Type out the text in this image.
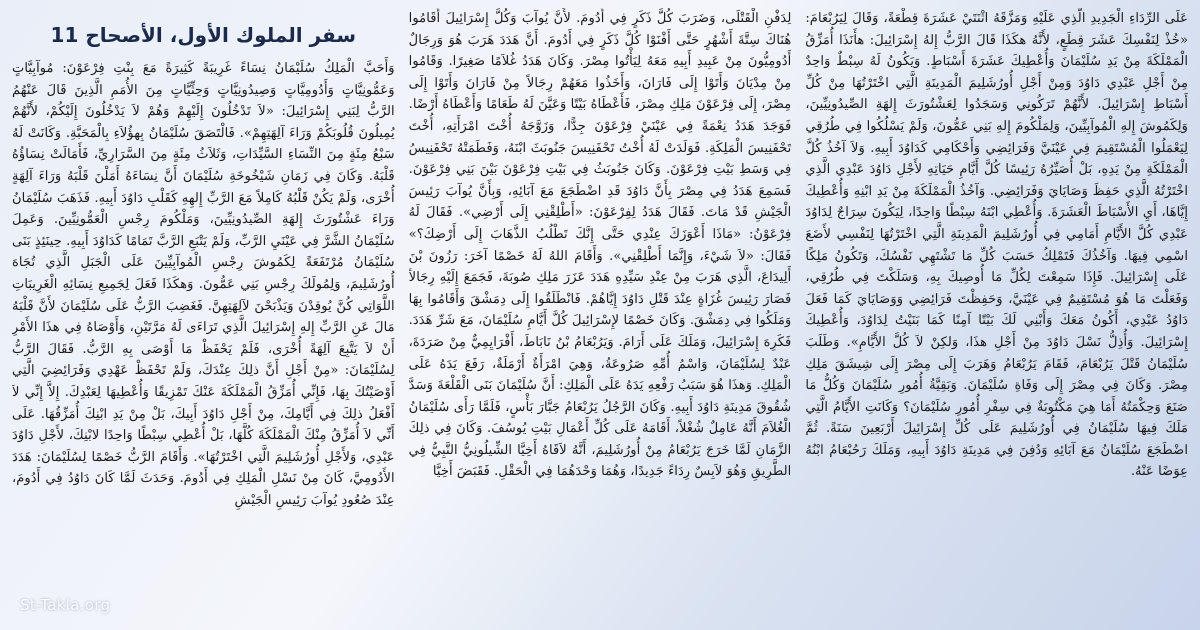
سفر الملوك الأول، الأصحاح 11
وَأَحَبَّ الْمَلِكُ سُلَيْمَانُ نِسَاءً غَرِيبَةً كَثِيرَةً مَعَ بِنْتِ فِرْعَوْنَ: مُوآبِيَّاتٍ وَعَمُّونِيَّاتٍ وَأَدُومِيَّاتٍ وَصِيدُونِيَّاتٍ وَحِثِّيَّاتٍ مِنَ الأُمَمِ الَّذِينَ قَالَ عَنْهُمُ الرَّبُّ لِبَنِي إِسْرَائِيلَ: «لاَ تَدْخُلُونَ إِلَيْهِمْ وَهُمْ لاَ يَدْخُلُونَ إِلَيْكُمْ، لأَنَّهُمْ يُمِيلُونَ قُلُوبَكُمْ وَرَاءَ آلِهَتِهِمْ». فَالْتَصَقَ سُلَيْمَانُ بِهؤُلاَءِ بِالْمَحَبَّةِ. وَكَانَتْ لَهُ سَبْعُ مِئَةٍ مِنَ النِّسَاءِ السَّيِّدَاتِ، وَثَلاَثُ مِئَةٍ مِنَ السَّرَارِيِّ، فَأَمَالَتْ نِسَاؤُهُ قَلْبَهُ. وَكَانَ فِي زَمَانِ شَيْخُوخَةِ سُلَيْمَانَ أَنَّ نِسَاءَهُ أَمَلْنَ قَلْبَهُ وَرَاءَ آلِهَةٍ أُخْرَى، وَلَمْ يَكُنْ قَلْبُهُ كَامِلاً مَعَ الرَّبِّ إِلهِهِ كَقَلْبِ دَاوُدَ أَبِيهِ. فَذَهَبَ سُلَيْمَانُ وَرَاءَ عَشْتُورَثَ إِلهَةِ الصِّيدُونِيِّينَ، وَمَلْكُومَ رِجْسِ الْعَمُّونِيِّينَ. وَعَمِلَ سُلَيْمَانُ الشَّرَّ فِي عَيْنَيِ الرَّبِّ، وَلَمْ يَتْبَعِ الرَّبَّ تَمَامًا كَدَاوُدَ أَبِيهِ. حِينَئِذٍ بَنَى سُلَيْمَانُ مُرْتَفَعَةً لِكَمُوشَ رِجْسِ الْمُوآبِيِّينَ عَلَى الْجَبَلِ الَّذِي تُجَاهَ أُورُشَلِيمَ، وَلِمُولَكَ رِجْسِ بَنِي عَمُّونَ. وَهكَذَا فَعَلَ لِجَمِيعِ نِسَائِهِ الْغَرِيبَاتِ اللَّوَاتِي كُنَّ يُوقِدْنَ وَيَذْبَحْنَ لآلِهَتِهِنَّ. فَغَضِبَ الرَّبُّ عَلَى سُلَيْمَانَ لأَنَّ قَلْبَهُ مَالَ عَنِ الرَّبِّ إِلهِ إِسْرَائِيلَ الَّذِي تَرَاءَى لَهُ مَرَّتَيْنِ، وَأَوْصَاهُ فِي هذَا الأَمْرِ أَنْ لاَ يَتَّبِعَ آلِهَةً أُخْرَى، فَلَمْ يَحْفَظْ مَا أَوْصَى بِهِ الرَّبُّ. فَقَالَ الرَّبُّ لِسُلَيْمَانَ: «مِنْ أَجْلِ أَنَّ ذلِكَ عِنْدَكَ، وَلَمْ تَحْفَظْ عَهْدِي وَفَرَائِضِيَ الَّتِي أَوْصَيْتُكَ بِهَا، فَإِنِّي أُمَزِّقُ الْمَمْلَكَةَ عَنْكَ تَمْزِيقًا وَأُعْطِيهَا لِعَبْدِكَ. إِلاَّ إِنِّي لاَ أَفْعَلُ ذلِكَ فِي أَيَّامِكَ، مِنْ أَجْلِ دَاوُدَ أَبِيكَ، بَلْ مِنْ يَدِ ابْنِكَ أُمَزِّقُهَا. عَلَى أَنِّي لاَ أُمَزِّقُ مِنْكَ الْمَمْلَكَةَ كُلَّهَا، بَلْ أُعْطِي سِبْطًا وَاحِدًا لابْنِكَ، لأَجْلِ دَاوُدَ عَبْدِي، وَلأَجْلِ أُورُشَلِيمَ الَّتِي اخْتَرْتُهَا». وَأَقَامَ الرَّبُّ خَصْمًا لِسُلَيْمَانَ: هَدَدَ الأَدُومِيَّ، كَانَ مِنْ نَسْلِ الْمَلِكِ فِي أَدُومَ. وَحَدَثَ لَمَّا كَانَ دَاوُدُ فِي أَدُومَ، عِنْدَ صُعُودِ يُوآبَ رَئِيسِ الْجَيْشِ
لِدَفْنِ الْقَتْلَى، وَضَرَبَ كُلَّ ذَكَرٍ فِي أَدُومَ. لأَنَّ يُوآبَ وَكُلَّ إِسْرَائِيلَ أَقَامُوا هُنَاكَ سِتَّةَ أَشْهُرٍ حَتَّى أَفْنَوْا كُلَّ ذَكَرٍ فِي أَدُومَ. أَنَّ هَدَدَ هَرَبَ هُوَ وَرِجَالٌ أَدُومِيُّونَ مِنْ عَبِيدِ أَبِيهِ مَعَهُ لِيَأْتُوا مِصْرَ. وَكَانَ هَدَدُ غُلاَمًا صَغِيرًا. وَقَامُوا مِنْ مِدْيَانَ وَأَتَوْا إِلَى فَارَانَ، وَأَخَذُوا مَعَهُمْ رِجَالاً مِنْ فَارَانَ وَأَتَوْا إِلَى مِصْرَ، إِلَى فِرْعَوْنَ مَلِكِ مِصْرَ، فَأَعْطَاهُ بَيْتًا وَعَيَّنَ لَهُ طَعَامًا وَأَعْطَاهُ أَرْضًا. فَوَجَدَ هَدَدُ نِعْمَةً فِي عَيْنَيْ فِرْعَوْنَ جِدًّا، وَزَوَّجَهُ أُخْتَ امْرَأَتِهِ، أُخْتَ تَحْفَنِيسَ الْمَلِكَةِ. فَوَلَدَتْ لَهُ أُخْتُ تَحْفَنِيسَ جَنُوبَثَ ابْنَهُ، وَفَطَمَتْهُ تَحْفَنِيسُ فِي وَسَطِ بَيْتِ فِرْعَوْنَ. وَكَانَ جَنُوبَثُ فِي بَيْتِ فِرْعَوْنَ بَيْنَ بَنِي فِرْعَوْنَ. فَسَمِعَ هَدَدُ فِي مِصْرَ بِأَنَّ دَاوُدَ قَدِ اضْطَجَعَ مَعَ آبَائِهِ، وَبِأَنَّ يُوآبَ رَئِيسَ الْجَيْشِ قَدْ مَاتَ. فَقَالَ هَدَدُ لِفِرْعَوْنَ: «أَطْلِقْنِي إِلَى أَرْضِي». فَقَالَ لَهُ فِرْعَوْنُ: «مَاذَا أَعْوَزَكَ عِنْدِي حَتَّى إِنَّكَ تَطْلُبُ الذَّهَابَ إِلَى أَرْضِكَ؟» فَقَالَ: «لاَ شَيْءَ، وَإِنَّمَا أَطْلِقْنِي». وَأَقَامَ اللهُ لَهُ خَصْمًا آخَرَ: رَزُونَ بْنَ أَلِيدَاعَ، الَّذِي هَرَبَ مِنْ عِنْدِ سَيِّدِهِ هَدَدَ عَزَرَ مَلِكِ صُوبَةَ، فَجَمَعَ إِلَيْهِ رِجَالاً فَصَارَ رَئِيسَ غُزَاةٍ عِنْدَ قَتْلِ دَاوُدَ إِيَّاهُمْ. فَانْطَلَقُوا إِلَى دِمَشْقَ وَأَقَامُوا بِهَا وَمَلَكُوا فِي دِمَشْقَ. وَكَانَ خَصْمًا لإِسْرَائِيلَ كُلَّ أَيَّامِ سُلَيْمَانَ، مَعَ شَرِّ هَدَدَ. فَكَرِهَ إِسْرَائِيلَ، وَمَلَكَ عَلَى أَرَامَ. وَيَرُبْعَامُ بْنُ نَابَاطَ، أَفْرَايِمِيٌّ مِنْ صَرَدَةَ، عَبْدٌ لِسُلَيْمَانَ، وَاسْمُ أُمِّهِ صَرُوعَةُ، وَهِيَ امْرَأَةٌ أَرْمَلَةٌ، رَفَعَ يَدَهُ عَلَى الْمَلِكِ. وَهذَا هُوَ سَبَبُ رَفْعِهِ يَدَهُ عَلَى الْمَلِكِ: أَنَّ سُلَيْمَانَ بَنَى الْقَلْعَةَ وَسَدَّ شُقُوقَ مَدِينَةِ دَاوُدَ أَبِيهِ. وَكَانَ الرَّجُلُ يَرُبْعَامُ جَبَّارَ بَأْسٍ، فَلَمَّا رَأَى سُلَيْمَانُ الْغُلاَمَ أَنَّهُ عَامِلٌ شُغْلاً، أَقَامَهُ عَلَى كُلِّ أَعْمَالِ بَيْتِ يُوسُفَ. وَكَانَ فِي ذلِكَ الزَّمَانِ لَمَّا خَرَجَ يَرُبْعَامُ مِنْ أُورُشَلِيمَ، أَنَّهُ لاَقَاهُ أَخِيَّا الشِّيلُونِيُّ النَّبِيُّ فِي الطَّرِيقِ وَهُوَ لاَبِسٌ رِدَاءً جَدِيدًا، وَهُمَا وَحْدَهُمَا فِي الْحَقْلِ. فَقَبَضَ أَخِيَّا
عَلَى الرِّدَاءِ الْجَدِيدِ الَّذِي عَلَيْهِ وَمَزَّقَهُ اثْنَتَيْ عَشَرَةَ قِطْعَةً، وَقَالَ لِيَرُبْعَامَ: «خُذْ لِنَفْسِكَ عَشَرَ قِطَعٍ، لأَنَّهُ هكَذَا قَالَ الرَّبُّ إِلهُ إِسْرَائِيلَ: هأَنَذَا أُمَزِّقُ الْمَمْلَكَةَ مِنْ يَدِ سُلَيْمَانَ وَأُعْطِيكَ عَشَرَةَ أَسْبَاطٍ. وَيَكُونُ لَهُ سِبْطٌ وَاحِدٌ مِنْ أَجْلِ عَبْدِي دَاوُدَ وَمِنْ أَجْلِ أُورُشَلِيمَ الْمَدِينَةِ الَّتِي اخْتَرْتُهَا مِنْ كُلِّ أَسْبَاطِ إِسْرَائِيلَ. لأَنَّهُمْ تَرَكُونِي وَسَجَدُوا لِعَشْتُورَثَ إِلهَةِ الصِّيدُونِيِّينَ، وَلِكَمُوشَ إِلهِ الْمُوآبِيِّينَ، وَلِمَلْكُومَ إِلهِ بَنِي عَمُّونَ، وَلَمْ يَسْلُكُوا فِي طُرُقِي لِيَعْمَلُوا الْمُسْتَقِيمَ فِي عَيْنَيَّ وَفَرَائِضِي وَأَحْكَامِي كَدَاوُدَ أَبِيهِ. وَلاَ آخُذُ كُلَّ الْمَمْلَكَةِ مِنْ يَدِهِ، بَلْ أُصَيِّرُهُ رَئِيسًا كُلَّ أَيَّامِ حَيَاتِهِ لأَجْلِ دَاوُدَ عَبْدِي الَّذِي اخْتَرْتُهُ الَّذِي حَفِظَ وَصَايَايَ وَفَرَائِضِي. وَآخُذُ الْمَمْلَكَةَ مِنْ يَدِ ابْنِهِ وَأُعْطِيكَ إِيَّاهَا، أَيِ الأَسْبَاطَ الْعَشَرَةَ. وَأُعْطِي ابْنَهُ سِبْطًا وَاحِدًا، لِيَكُونَ سِرَاجٌ لِدَاوُدَ عَبْدِي كُلَّ الأَيَّامِ أَمَامِي فِي أُورُشَلِيمَ الْمَدِينَةِ الَّتِي اخْتَرْتُهَا لِنَفْسِي لأَضَعَ اسْمِي فِيهَا. وَآخُذُكَ فَتَمْلِكُ حَسَبَ كُلِّ مَا تَشْتَهِي نَفْسُكَ، وَتَكُونُ مَلِكًا عَلَى إِسْرَائِيلَ. فَإِذَا سَمِعْتَ لِكُلِّ مَا أُوصِيكَ بِهِ، وَسَلَكْتَ فِي طُرُقِي، وَفَعَلْتَ مَا هُوَ مُسْتَقِيمٌ فِي عَيْنَيَّ، وَحَفِظْتَ فَرَائِضِي وَوَصَايَايَ كَمَا فَعَلَ دَاوُدُ عَبْدِي، أَكُونُ مَعَكَ وَأَبْنِي لَكَ بَيْتًا آمِنًا كَمَا بَنَيْتُ لِدَاوُدَ، وَأُعْطِيكَ إِسْرَائِيلَ. وَأُذِلُّ نَسْلَ دَاوُدَ مِنْ أَجْلِ هذَا، وَلكِنْ لاَ كُلَّ الأَيَّامِ». وَطَلَبَ سُلَيْمَانُ قَتْلَ يَرُبْعَامَ، فَقَامَ يَرُبْعَامُ وَهَرَبَ إِلَى مِصْرَ إِلَى شِيشَقَ مَلِكِ مِصْرَ. وَكَانَ فِي مِصْرَ إِلَى وَفَاةِ سُلَيْمَانَ. وَبَقِيَّةُ أُمُورِ سُلَيْمَانَ وَكُلُّ مَا صَنَعَ وَحِكْمَتُهُ أَمَا هِيَ مَكْتُوبَةٌ فِي سِفْرِ أُمُورِ سُلَيْمَانَ؟ وَكَانَتِ الأَيَّامُ الَّتِي مَلَكَ فِيهَا سُلَيْمَانُ فِي أُورُشَلِيمَ عَلَى كُلِّ إِسْرَائِيلَ أَرْبَعِينَ سَنَةً. ثُمَّ اضْطَجَعَ سُلَيْمَانُ مَعَ آبَائِهِ وَدُفِنَ فِي مَدِينَةِ دَاوُدَ أَبِيهِ، وَمَلَكَ رَحُبْعَامُ ابْنُهُ عِوَضًا عَنْهُ.
St-Takla.org
